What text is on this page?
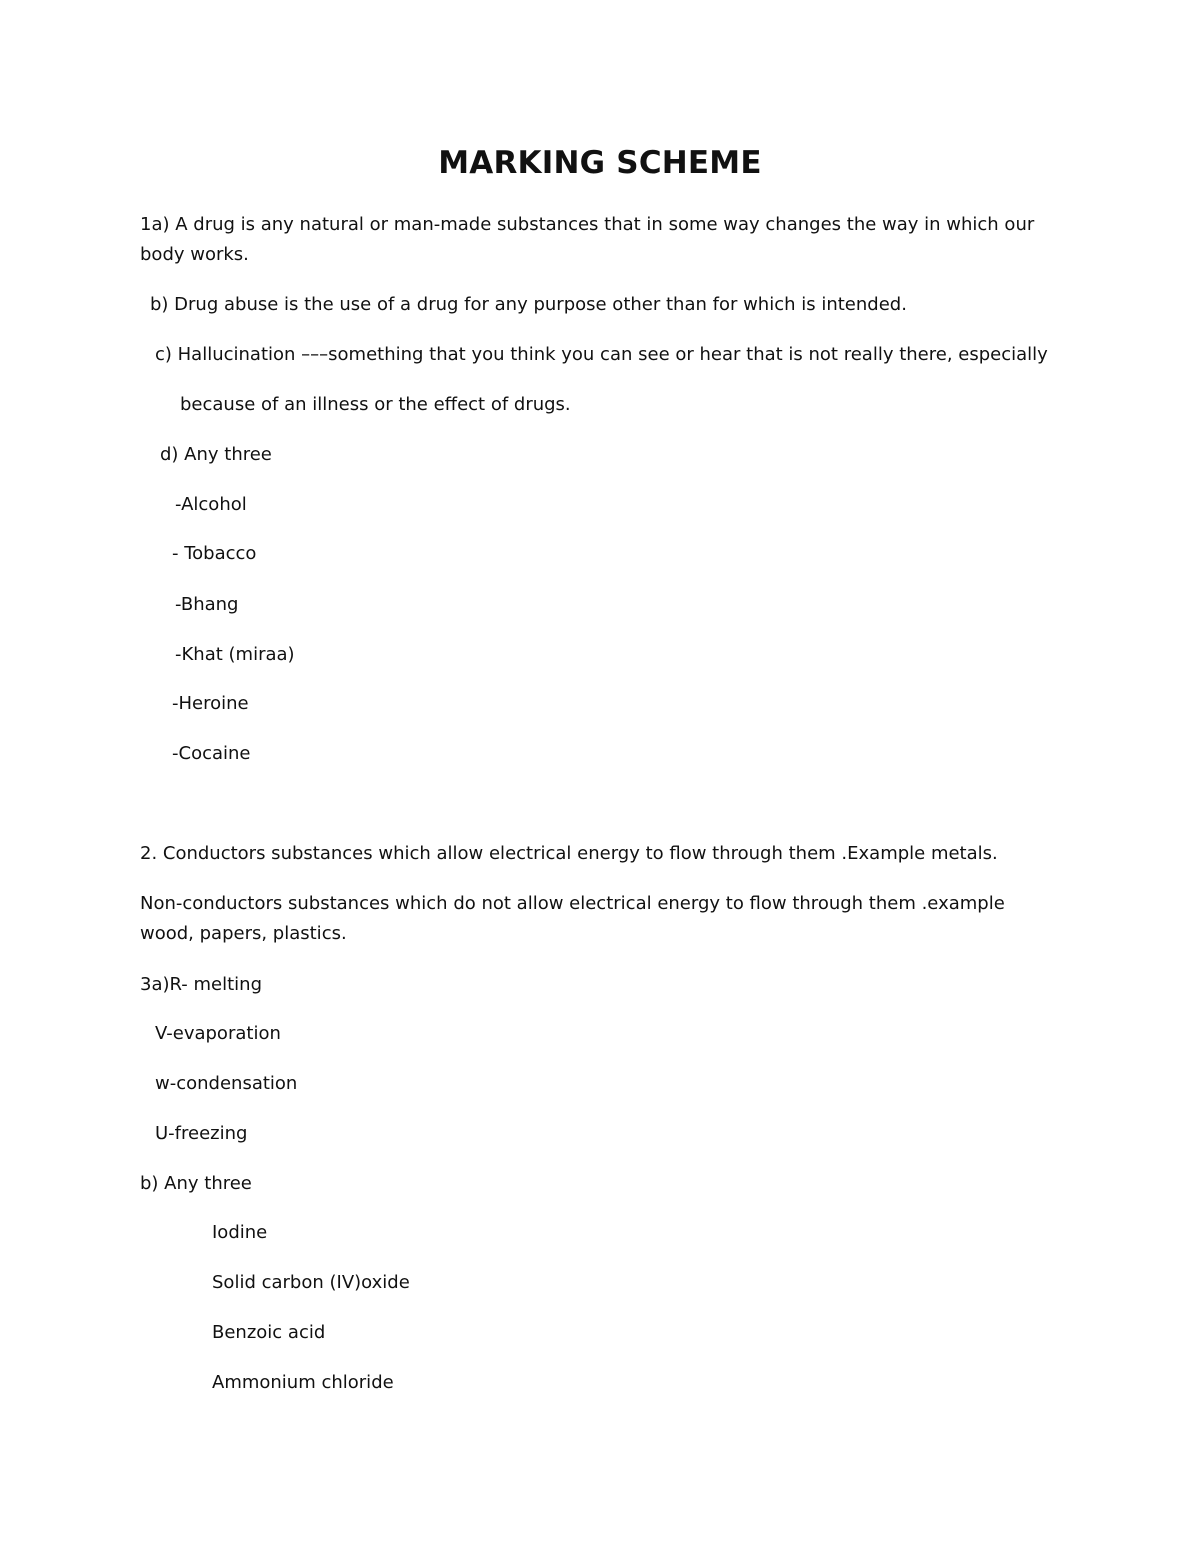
MARKING SCHEME
1a) A drug is any natural or man-made substances that in some way changes the way in which our body works.
b) Drug abuse is the use of a drug for any purpose other than for which is intended.
c) Hallucination –––something that you think you can see or hear that is not really there, especially
because of an illness or the effect of drugs.
d) Any three
-Alcohol
- Tobacco
-Bhang
-Khat (miraa)
-Heroine
-Cocaine
2. Conductors substances which allow electrical energy to flow through them .Example metals.
Non-conductors substances which do not allow electrical energy to flow through them .example wood, papers, plastics.
3a)R- melting
V-evaporation
w-condensation
U-freezing
b) Any three
Iodine
Solid carbon (IV)oxide
Benzoic acid
Ammonium chloride
